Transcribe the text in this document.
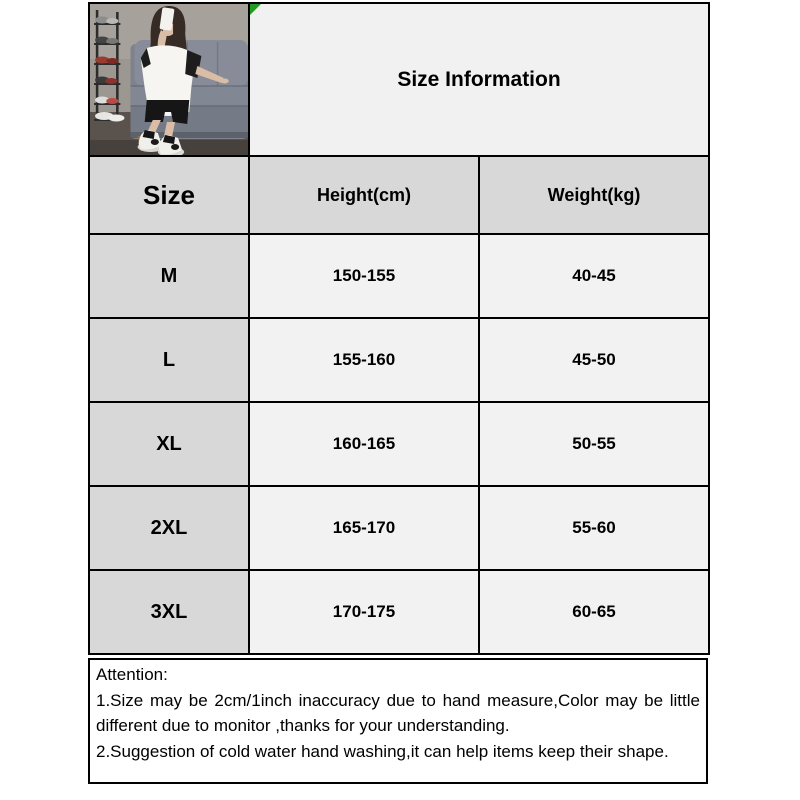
Size Information	
Size	Height(cm)	Weight(kg)
M	150-155	40-45
L	155-160	45-50
XL	160-165	50-55
2XL	165-170	55-60
3XL	170-175	60-65

Attention:

1.Size may be 2cm/1inch inaccuracy due to hand measure,Color may be little different due to monitor ,thanks for your understanding.

2.Suggestion of cold water hand washing,it can help items keep their shape.
